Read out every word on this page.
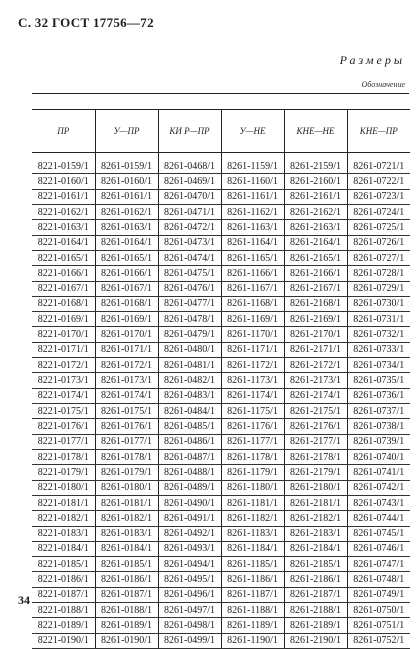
С. 32 ГОСТ 17756—72
Размеры
Обозначение
ПР	У—ПР	КИ Р—ПР	У—НЕ	КНЕ—НЕ	КНЕ—ПР

8221-0159/1	8261-0159/1	8261-0468/1	8261-1159/1	8261-2159/1	8261-0721/1
8221-0160/1	8261-0160/1	8261-0469/1	8261-1160/1	8261-2160/1	8261-0722/1
8221-0161/1	8261-0161/1	8261-0470/1	8261-1161/1	8261-2161/1	8261-0723/1
8221-0162/1	8261-0162/1	8261-0471/1	8261-1162/1	8261-2162/1	8261-0724/1
8221-0163/1	8261-0163/1	8261-0472/1	8261-1163/1	8261-2163/1	8261-0725/1
8221-0164/1	8261-0164/1	8261-0473/1	8261-1164/1	8261-2164/1	8261-0726/1
8221-0165/1	8261-0165/1	8261-0474/1	8261-1165/1	8261-2165/1	8261-0727/1
8221-0166/1	8261-0166/1	8261-0475/1	8261-1166/1	8261-2166/1	8261-0728/1
8221-0167/1	8261-0167/1	8261-0476/1	8261-1167/1	8261-2167/1	8261-0729/1
8221-0168/1	8261-0168/1	8261-0477/1	8261-1168/1	8261-2168/1	8261-0730/1
8221-0169/1	8261-0169/1	8261-0478/1	8261-1169/1	8261-2169/1	8261-0731/1
8221-0170/1	8261-0170/1	8261-0479/1	8261-1170/1	8261-2170/1	8261-0732/1
8221-0171/1	8261-0171/1	8261-0480/1	8261-1171/1	8261-2171/1	8261-0733/1
8221-0172/1	8261-0172/1	8261-0481/1	8261-1172/1	8261-2172/1	8261-0734/1
8221-0173/1	8261-0173/1	8261-0482/1	8261-1173/1	8261-2173/1	8261-0735/1
8221-0174/1	8261-0174/1	8261-0483/1	8261-1174/1	8261-2174/1	8261-0736/1
8221-0175/1	8261-0175/1	8261-0484/1	8261-1175/1	8261-2175/1	8261-0737/1
8221-0176/1	8261-0176/1	8261-0485/1	8261-1176/1	8261-2176/1	8261-0738/1
8221-0177/1	8261-0177/1	8261-0486/1	8261-1177/1	8261-2177/1	8261-0739/1
8221-0178/1	8261-0178/1	8261-0487/1	8261-1178/1	8261-2178/1	8261-0740/1
8221-0179/1	8261-0179/1	8261-0488/1	8261-1179/1	8261-2179/1	8261-0741/1
8221-0180/1	8261-0180/1	8261-0489/1	8261-1180/1	8261-2180/1	8261-0742/1
8221-0181/1	8261-0181/1	8261-0490/1	8261-1181/1	8261-2181/1	8261-0743/1
8221-0182/1	8261-0182/1	8261-0491/1	8261-1182/1	8261-2182/1	8261-0744/1
8221-0183/1	8261-0183/1	8261-0492/1	8261-1183/1	8261-2183/1	8261-0745/1
8221-0184/1	8261-0184/1	8261-0493/1	8261-1184/1	8261-2184/1	8261-0746/1
8221-0185/1	8261-0185/1	8261-0494/1	8261-1185/1	8261-2185/1	8261-0747/1
8221-0186/1	8261-0186/1	8261-0495/1	8261-1186/1	8261-2186/1	8261-0748/1
8221-0187/1	8261-0187/1	8261-0496/1	8261-1187/1	8261-2187/1	8261-0749/1
8221-0188/1	8261-0188/1	8261-0497/1	8261-1188/1	8261-2188/1	8261-0750/1
8221-0189/1	8261-0189/1	8261-0498/1	8261-1189/1	8261-2189/1	8261-0751/1
8221-0190/1	8261-0190/1	8261-0499/1	8261-1190/1	8261-2190/1	8261-0752/1
34
